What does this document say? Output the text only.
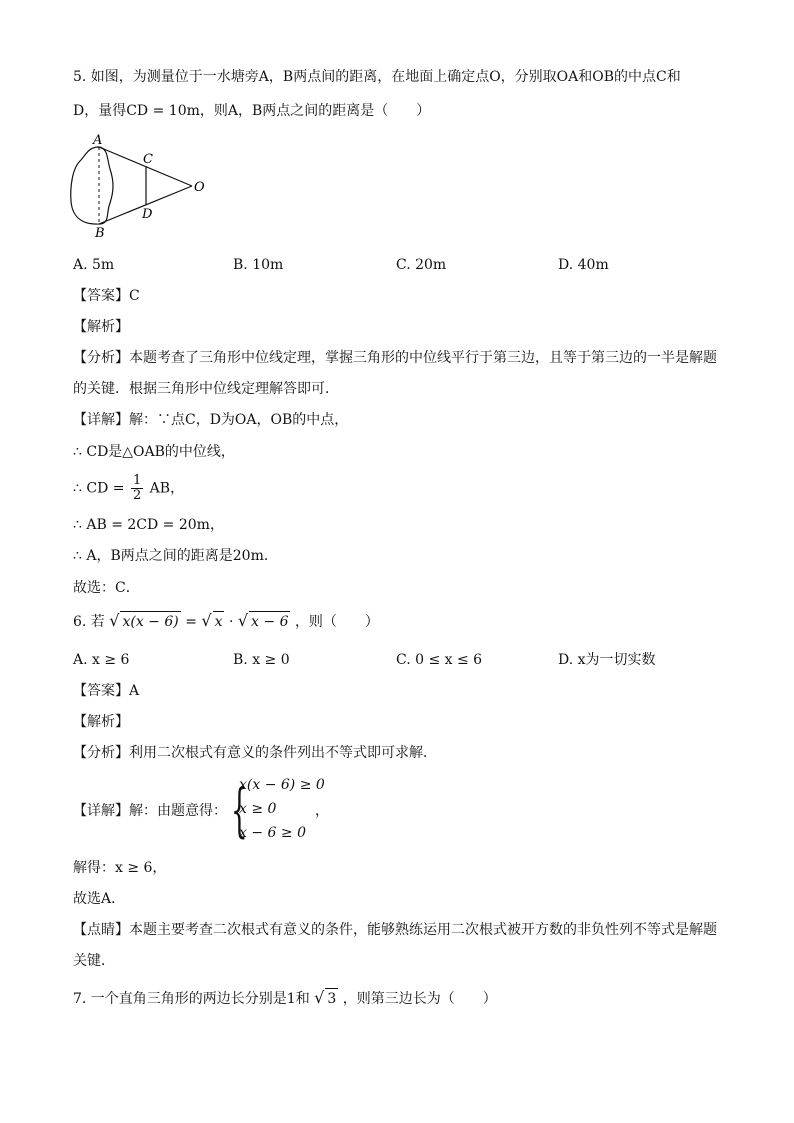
5. 如图，为测量位于一水塘旁A，B两点间的距离，在地面上确定点O，分别取OA和OB的中点C和
D，量得CD = 10m，则A，B两点之间的距离是（　　）
A
B
C
D
O
A. 5m	B. 10m	C. 20m	D. 40m
【答案】C
【解析】
【分析】本题考查了三角形中位线定理，掌握三角形的中位线平行于第三边，且等于第三边的一半是解题
的关键．根据三角形中位线定理解答即可．
【详解】解：∵点C，D为OA，OB的中点，
∴ CD是△OAB的中位线，
∴ CD = $\frac{1}{2}$ AB，
∴ AB = 2CD = 20m，
∴ A，B两点之间的距离是20m．
故选：C．
6. 若 √ x(x − 6) = √ x · √ x − 6 ，则（　　）
A. x ≥ 6	B. x ≥ 0	C. 0 ≤ x ≤ 6	D. x为一切实数
【答案】A
【解析】
【分析】利用二次根式有意义的条件列出不等式即可求解．
【详解】解：由题意得： {
x(x − 6) ≥ 0
x ≥ 0
x − 6 ≥ 0
，
解得：x ≥ 6，
故选A．
【点睛】本题主要考查二次根式有意义的条件，能够熟练运用二次根式被开方数的非负性列不等式是解题
关键．
7. 一个直角三角形的两边长分别是1和 √ 3 ，则第三边长为（　　）
